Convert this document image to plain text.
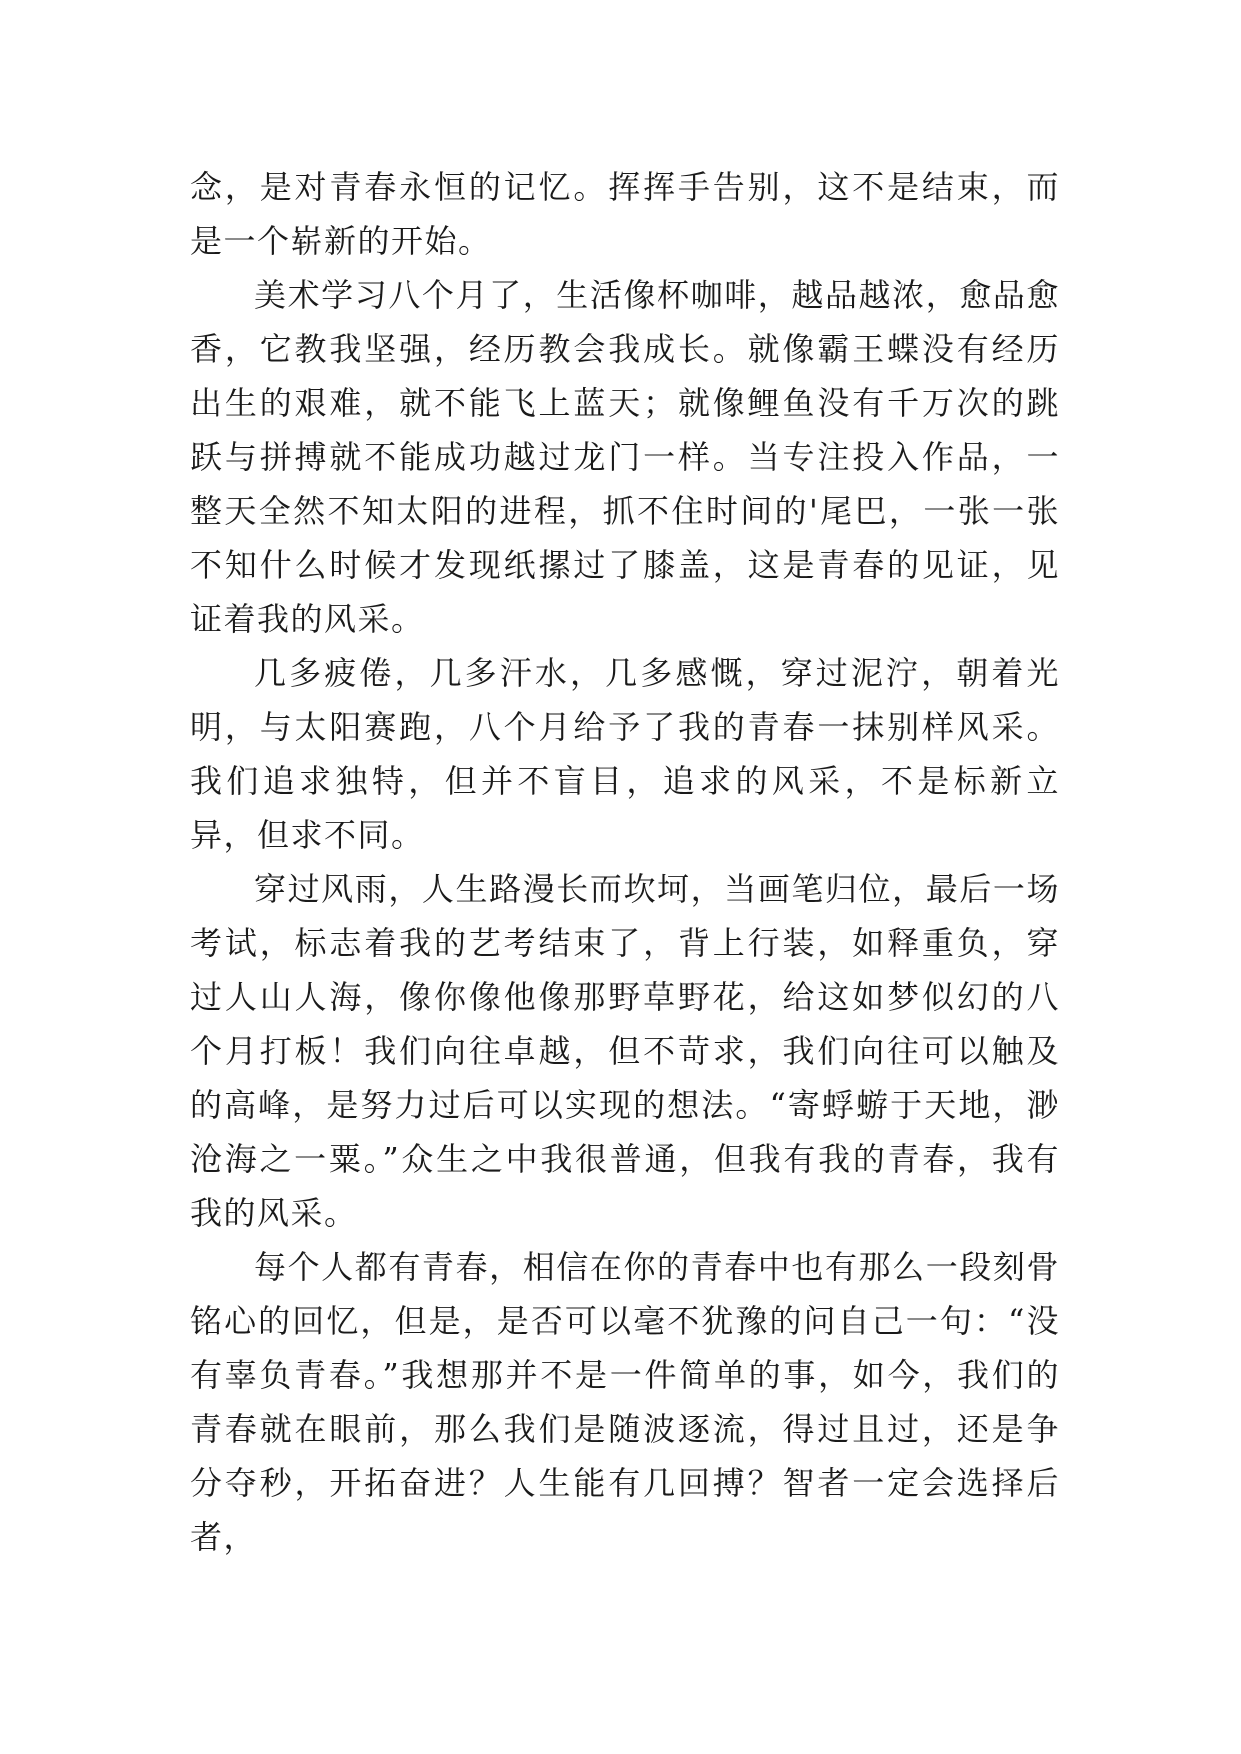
念，是对青春永恒的记忆。挥挥手告别，这不是结束，而是一个崭新的开始。

美术学习八个月了，生活像杯咖啡，越品越浓，愈品愈香，它教我坚强，经历教会我成长。就像霸王蝶没有经历出生的艰难，就不能飞上蓝天；就像鲤鱼没有千万次的跳跃与拼搏就不能成功越过龙门一样。当专注投入作品，一整天全然不知太阳的进程，抓不住时间的'尾巴，一张一张不知什么时候才发现纸摞过了膝盖，这是青春的见证，见证着我的风采。

几多疲倦，几多汗水，几多感慨，穿过泥泞，朝着光明，与太阳赛跑，八个月给予了我的青春一抹别样风采。我们追求独特，但并不盲目，追求的风采，不是标新立异，但求不同。

穿过风雨，人生路漫长而坎坷，当画笔归位，最后一场考试，标志着我的艺考结束了，背上行装，如释重负，穿过人山人海，像你像他像那野草野花，给这如梦似幻的八个月打板！我们向往卓越，但不苛求，我们向往可以触及的高峰，是努力过后可以实现的想法。“寄蜉蝣于天地，渺沧海之一粟。”众生之中我很普通，但我有我的青春，我有我的风采。

每个人都有青春，相信在你的青春中也有那么一段刻骨铭心的回忆，但是，是否可以毫不犹豫的问自己一句：“没有辜负青春。”我想那并不是一件简单的事，如今，我们的青春就在眼前，那么我们是随波逐流，得过且过，还是争分夺秒，开拓奋进？人生能有几回搏？智者一定会选择后者，
